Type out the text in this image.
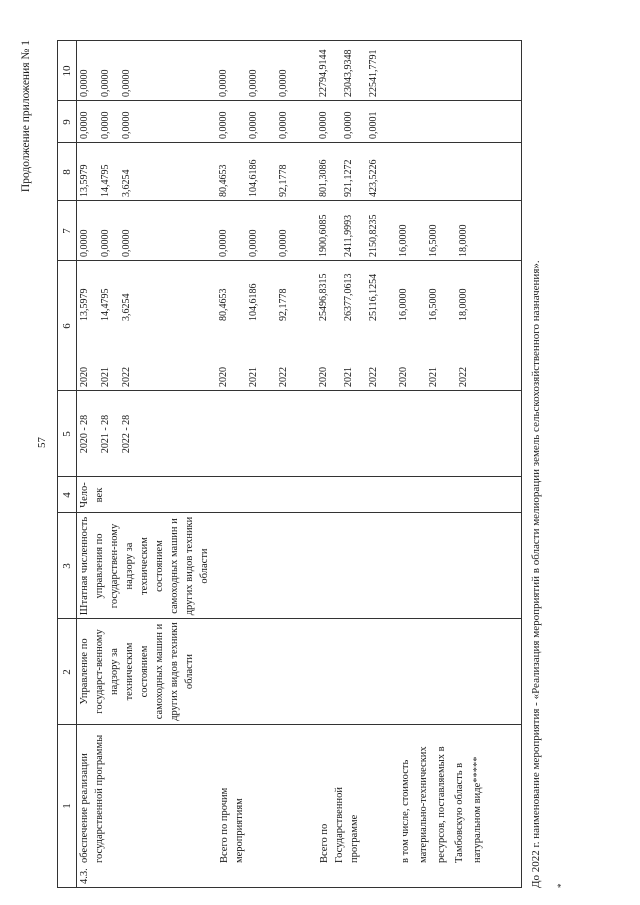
57
Продолжение приложения № 1
1
2
3
4
5
6
7
8
9
10
4.3.
обеспечение реализации государственной программы
Управление по государст-венному надзору за техническим состоянием самоходных машин и других видов техники области
Штатная численность управления по государствен-ному надзору за техническим состоянием самоходных машин и других видов техники области
Чело-век
2020 - 28 2021 - 28 2022 - 28
2020 2021 2022
13,5979 14,4795 3,6254
0,0000 0,0000 0,0000
13,5979 14,4795 3,6254
0,0000 0,0000 0,0000
0,0000 0,0000 0,0000
Всего по прочим мероприятиям
2020 2021 2022
80,4653 104,6186 92,1778
0,0000 0,0000 0,0000
80,4653 104,6186 92,1778
0,0000 0,0000 0,0000
0,0000 0,0000 0,0000
Всего по Государственной программе
2020 2021 2022
25496,8315 26377,0613 25116,1254
1900,6085 2411,9993 2150,8235
801,3086 921,1272 423,5226
0,0000 0,0000 0,0001
22794,9144 23043,9348 22541,7791
в том числе, стоимость материально-технических ресурсов, поставляемых в Тамбовскую область в натуральном виде*****
2020 2021 2022
16,0000 16,5000 18,0000
16,0000 16,5000 18,0000
До 2022 г. наименование мероприятия - «Реализация мероприятий в области мелиорации земель сельскохозяйственного назначения». *
